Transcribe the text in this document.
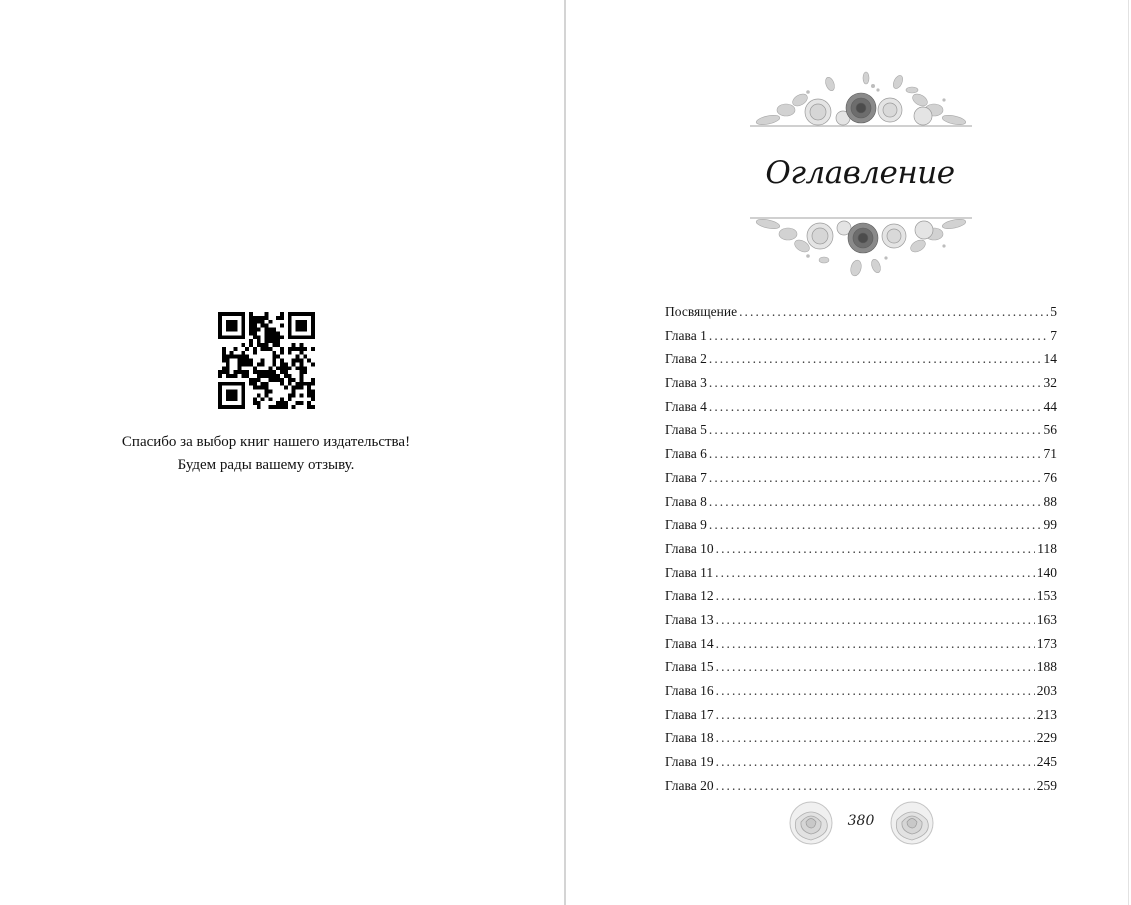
Спасибо за выбор книг нашего издательства!
Будем рады вашему отзыву.
Оглавление
Посвящение .....	5
Глава 1 .....	7
Глава 2 .....	14
Глава 3 .....	32
Глава 4 .....	44
Глава 5 .....	56
Глава 6 .....	71
Глава 7 .....	76
Глава 8 .....	88
Глава 9 .....	99
Глава 10 .....	118
Глава 11 .....	140
Глава 12 .....	153
Глава 13 .....	163
Глава 14 .....	173
Глава 15 .....	188
Глава 16 .....	203
Глава 17 .....	213
Глава 18 .....	229
Глава 19 .....	245
Глава 20 .....	259
380
